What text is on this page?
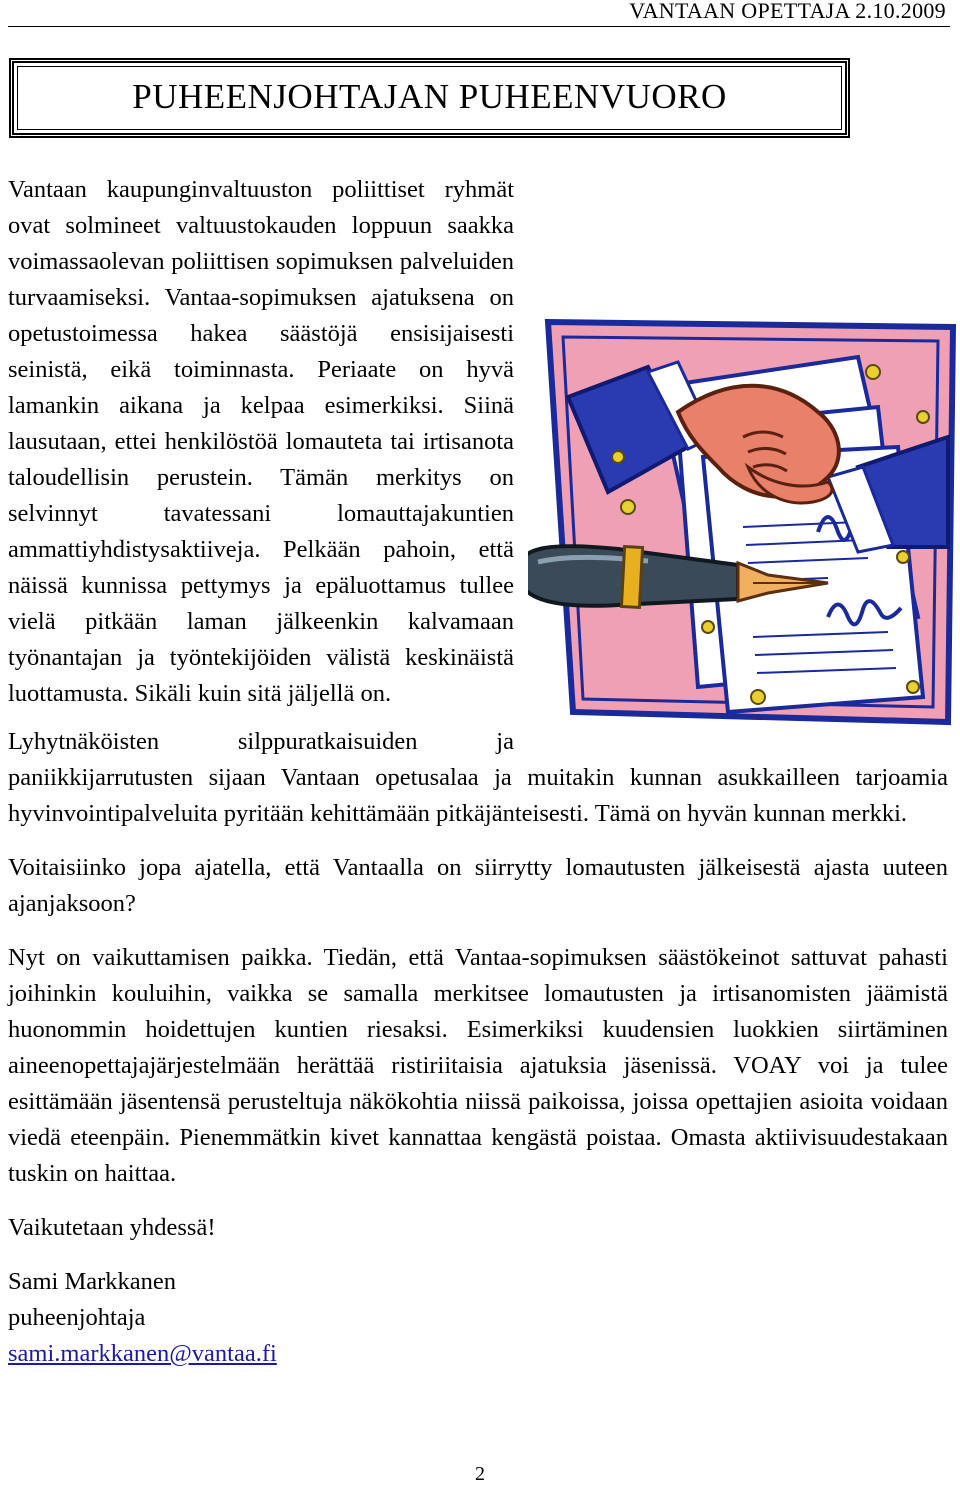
VANTAAN OPETTAJA 2.10.2009
PUHEENJOHTAJAN PUHEENVUORO

Vantaan kaupunginvaltuuston poliittiset ryhmät ovat solmineet valtuustokauden loppuun saakka voimassaolevan poliittisen sopimuksen palveluiden turvaamiseksi. Vantaa-sopimuksen ajatuksena on opetustoimessa hakea säästöjä ensisijaisesti seinistä, eikä toiminnasta. Periaate on hyvä lamankin aikana ja kelpaa esimerkiksi. Siinä lausutaan, ettei henkilöstöä lomauteta tai irtisanota taloudellisin perustein. Tämän merkitys on selvinnyt tavatessani lomauttajakuntien ammattiyhdistysaktiiveja. Pelkään pahoin, että näissä kunnissa pettymys ja epäluottamus tullee vielä pitkään laman jälkeenkin kalvamaan työnantajan ja työntekijöiden välistä keskinäistä luottamusta. Sikäli kuin sitä jäljellä on.

Lyhytnäköisten silppuratkaisuiden ja paniikkijarrutusten sijaan Vantaan opetusalaa ja muitakin kunnan asukkailleen tarjoamia hyvinvointipalveluita pyritään kehittämään pitkäjänteisesti. Tämä on hyvän kunnan merkki.

Voitaisiinko jopa ajatella, että Vantaalla on siirrytty lomautusten jälkeisestä ajasta uuteen ajanjaksoon?

Nyt on vaikuttamisen paikka. Tiedän, että Vantaa-sopimuksen säästökeinot sattuvat pahasti joihinkin kouluihin, vaikka se samalla merkitsee lomautusten ja irtisanomisten jäämistä huonommin hoidettujen kuntien riesaksi. Esimerkiksi kuudensien luokkien siirtäminen aineenopettajajärjestelmään herättää ristiriitaisia ajatuksia jäsenissä. VOAY voi ja tulee esittämään jäsentensä perusteltuja näkökohtia niissä paikoissa, joissa opettajien asioita voidaan viedä eteenpäin. Pienemmätkin kivet kannattaa kengästä poistaa. Omasta aktiivisuudestakaan tuskin on haittaa.

Vaikutetaan yhdessä!

Sami Markkanen

puheenjohtaja

sami.markkanen@vantaa.fi

2
